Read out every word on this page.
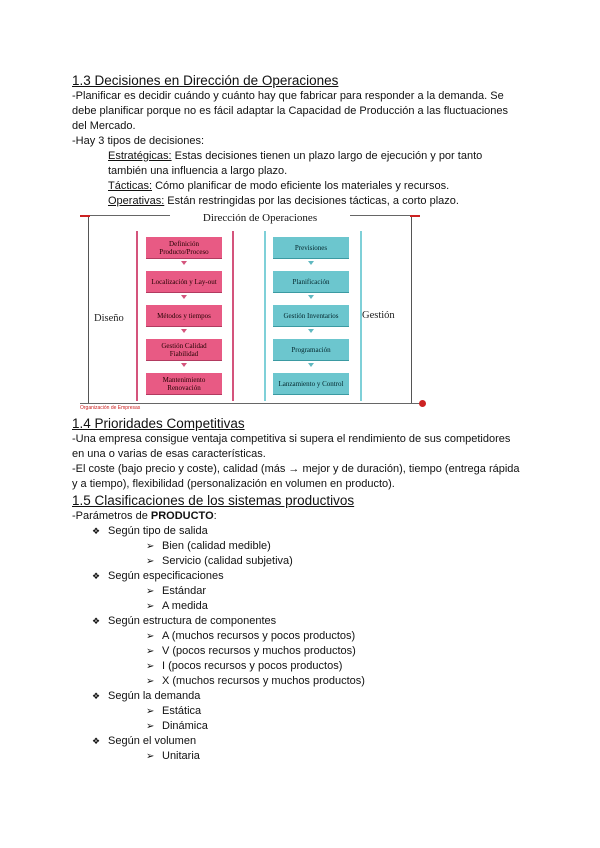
1.3 Decisiones en Dirección de Operaciones

-Planificar es decidir cuándo y cuánto hay que fabricar para responder a la demanda. Se debe planificar porque no es fácil adaptar la Capacidad de Producción a las fluctuaciones del Mercado.

-Hay 3 tipos de decisiones:

Estratégicas: Estas decisiones tienen un plazo largo de ejecución y por tanto también una influencia a largo plazo.

Tácticas: Cómo planificar de modo eficiente los materiales y recursos.

Operativas: Están restringidas por las decisiones tácticas, a corto plazo.

Dirección de Operaciones
Diseño	Gestión
Definición Producto/Proceso
Localización y Lay-out
Métodos y tiempos
Gestión Calidad Fiabilidad
Mantenimiento Renovación
Previsiones
Planificación
Gestión Inventarios
Programación
Lanzamiento y Control
Organización de Empresas
1.4 Prioridades Competitivas

-Una empresa consigue ventaja competitiva si supera el rendimiento de sus competidores en una o varias de esas características.

-El coste (bajo precio y coste), calidad (más → mejor y de duración), tiempo (entrega rápida y a tiempo), flexibilidad (personalización en volumen en producto).

1.5 Clasificaciones de los sistemas productivos

-Parámetros de PRODUCTO:

❖ Según tipo de salida
➢ Bien (calidad medible)
➢ Servicio (calidad subjetiva)
❖ Según especificaciones
➢ Estándar
➢ A medida
❖ Según estructura de componentes
➢ A (muchos recursos y pocos productos)
➢ V (pocos recursos y muchos productos)
➢ I (pocos recursos y pocos productos)
➢ X (muchos recursos y muchos productos)
❖ Según la demanda
➢ Estática
➢ Dinámica
❖ Según el volumen
➢ Unitaria
